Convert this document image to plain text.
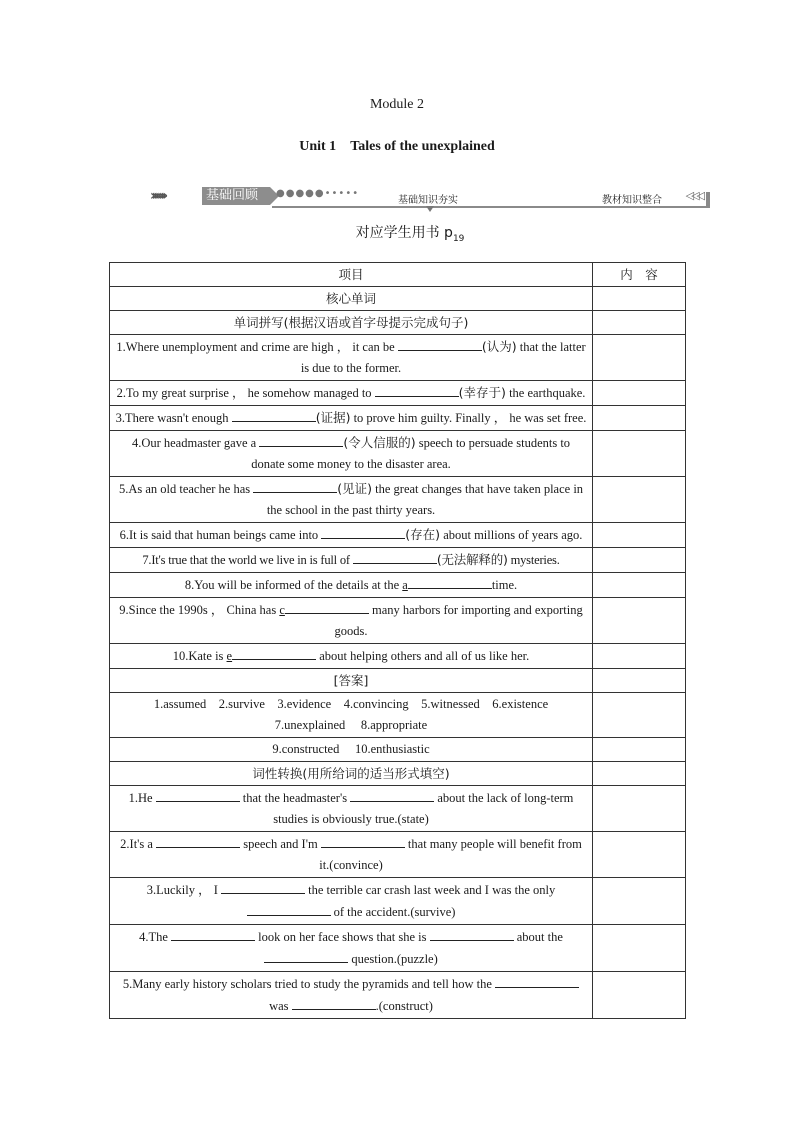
Module 2
Unit 1 Tales of the unexplained
››››››››	基础回顾	●●●●●•••••
基础知识夯实	教材知识整合 ◁◁◁
对应学生用书 $p_{19}$
项目	内　容
核心单词	
单词拼写(根据汉语或首字母提示完成句子)	
1.Where unemployment and crime are high ， it can be (认为) that the latter is due to the former.	
2.To my great surprise ， he somehow managed to (幸存于) the earthquake.	
3.There wasn't enough (证据) to prove him guilty. Finally ， he was set free.	
4.Our headmaster gave a (令人信服的) speech to persuade students to donate some money to the disaster area.	
5.As an old teacher he has (见证) the great changes that have taken place in the school in the past thirty years.	
6.It is said that human beings came into (存在) about millions of years ago.	
7.It's true that the world we live in is full of (无法解释的) mysteries.	
8.You will be informed of the details at the a time.	
9.Since the 1990s ， China has c many harbors for importing and exporting goods.	
10.Kate is e about helping others and all of us like her.	
[答案]	

1.assumed　2.survive　3.evidence　4.convincing　5.witnessed　6.existence
7.unexplained　 8.appropriate	

9.constructed　 10.enthusiastic	
词性转换(用所给词的适当形式填空)	
1.He that the headmaster's about the lack of long-term studies is obviously true.(state)	
2.It's a speech and I'm that many people will benefit from it.(convince)	
3.Luckily ， I the terrible car crash last week and I was the only  of the accident.(survive)	
4.The look on her face shows that she is about the  question.(puzzle)	
5.Many early history scholars tried to study the pyramids and tell how the  was .(construct)	
